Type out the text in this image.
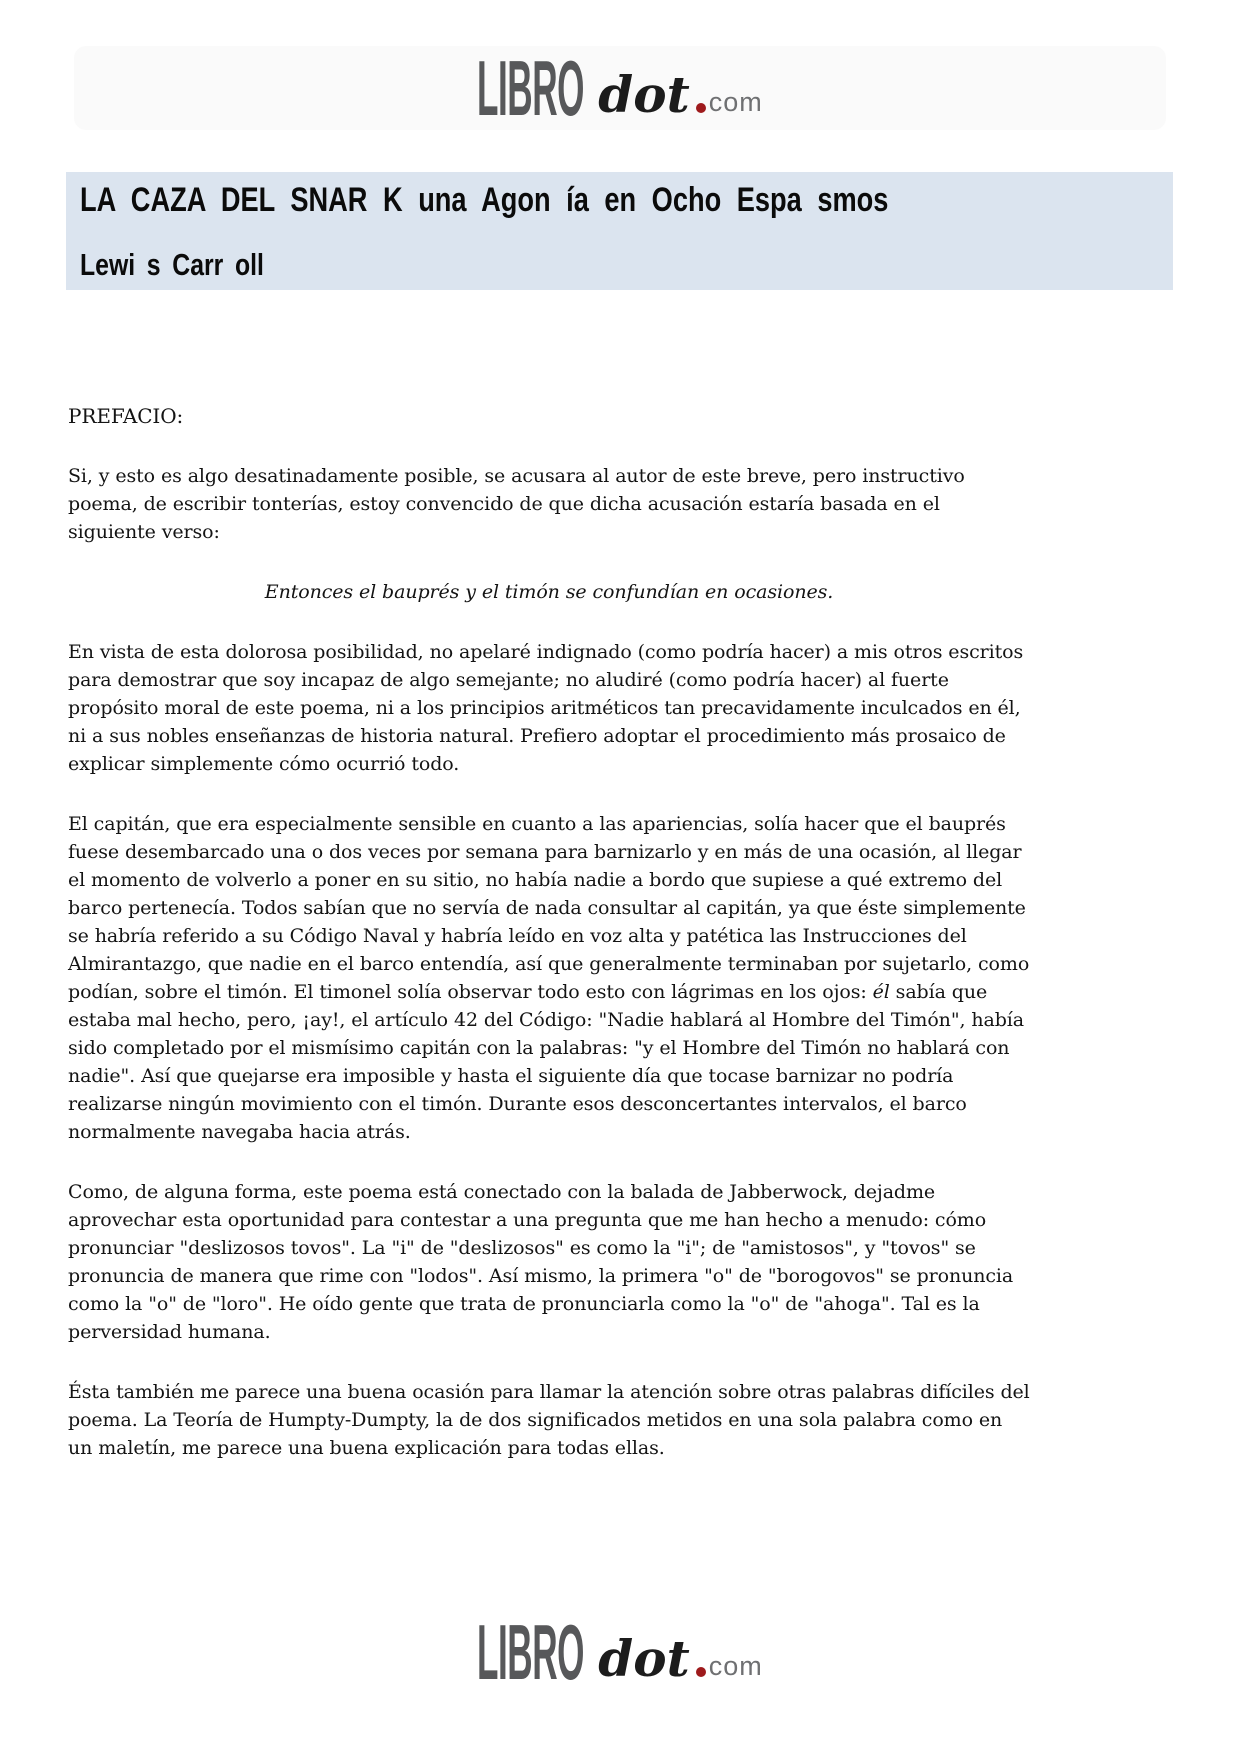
LIBRO dot com
LA CAZA DEL SNAR K una Agon ía en Ocho Espa smos
Lewi s Carr oll
PREFACIO:

Si, y esto es algo desatinadamente posible, se acusara al autor de este breve, pero instructivo poema, de escribir tonterías, estoy convencido de que dicha acusación estaría basada en el siguiente verso:

Entonces el bauprés y el timón se confundían en ocasiones.

En vista de esta dolorosa posibilidad, no apelaré indignado (como podría hacer) a mis otros escritos para demostrar que soy incapaz de algo semejante; no aludiré (como podría hacer) al fuerte propósito moral de este poema, ni a los principios aritméticos tan precavidamente inculcados en él, ni a sus nobles enseñanzas de historia natural. Prefiero adoptar el procedimiento más prosaico de explicar simplemente cómo ocurrió todo.

El capitán, que era especialmente sensible en cuanto a las apariencias, solía hacer que el bauprés fuese desembarcado una o dos veces por semana para barnizarlo y en más de una ocasión, al llegar el momento de volverlo a poner en su sitio, no había nadie a bordo que supiese a qué extremo del barco pertenecía. Todos sabían que no servía de nada consultar al capitán, ya que éste simplemente se habría referido a su Código Naval y habría leído en voz alta y patética las Instrucciones del Almirantazgo, que nadie en el barco entendía, así que generalmente terminaban por sujetarlo, como podían, sobre el timón. El timonel solía observar todo esto con lágrimas en los ojos: él sabía que estaba mal hecho, pero, ¡ay!, el artículo 42 del Código: "Nadie hablará al Hombre del Timón", había sido completado por el mismísimo capitán con la palabras: "y el Hombre del Timón no hablará con nadie". Así que quejarse era imposible y hasta el siguiente día que tocase barnizar no podría realizarse ningún movimiento con el timón. Durante esos desconcertantes intervalos, el barco normalmente navegaba hacia atrás.

Como, de alguna forma, este poema está conectado con la balada de Jabberwock, dejadme aprovechar esta oportunidad para contestar a una pregunta que me han hecho a menudo: cómo pronunciar "deslizosos tovos". La "i" de "deslizosos" es como la "i"; de "amistosos", y "tovos" se pronuncia de manera que rime con "lodos". Así mismo, la primera "o" de "borogovos" se pronuncia como la "o" de "loro". He oído gente que trata de pronunciarla como la "o" de "ahoga". Tal es la perversidad humana.

Ésta también me parece una buena ocasión para llamar la atención sobre otras palabras difíciles del poema. La Teoría de Humpty-Dumpty, la de dos significados metidos en una sola palabra como en un maletín, me parece una buena explicación para todas ellas.

LIBRO dot com
